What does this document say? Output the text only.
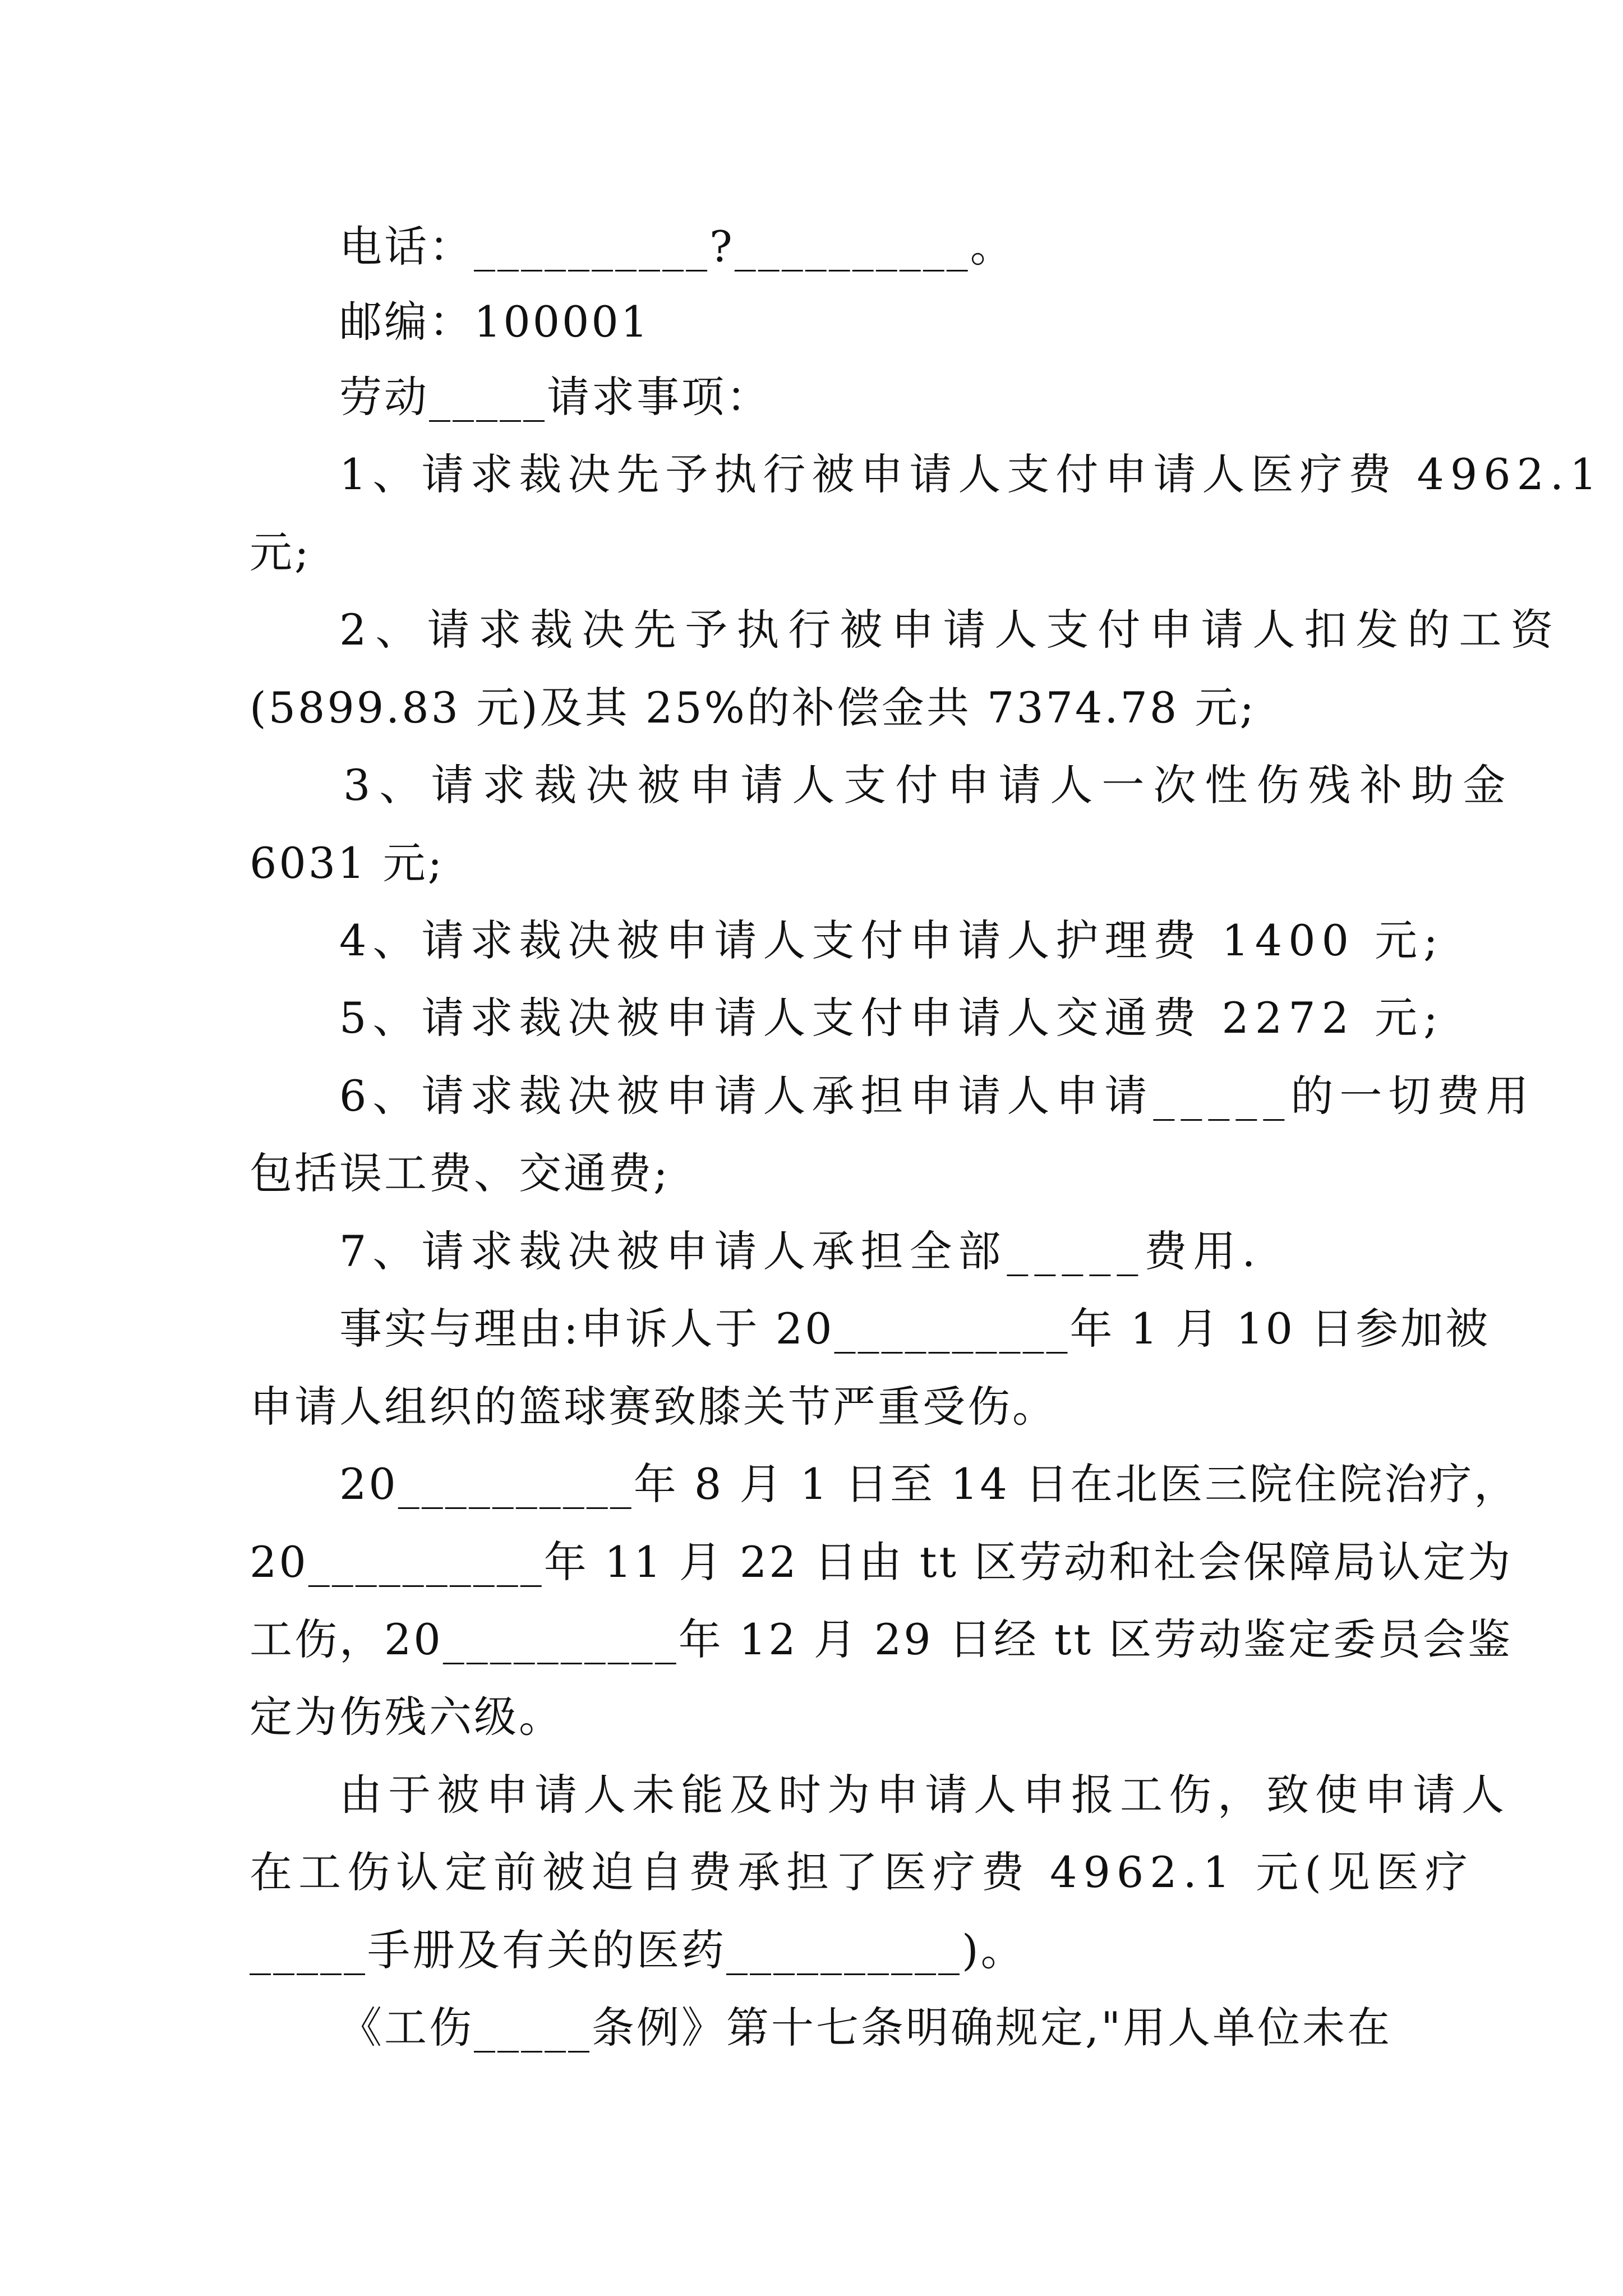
电话：__________?__________。
邮编：100001
劳动_____请求事项：
1、请求裁决先予执行被申请人支付申请人医疗费 4962.1
元;
2、请求裁决先予执行被申请人支付申请人扣发的工资
(5899.83 元)及其 25%的补偿金共 7374.78 元;
3、请求裁决被申请人支付申请人一次性伤残补助金
6031 元;
4、请求裁决被申请人支付申请人护理费 1400 元;
5、请求裁决被申请人支付申请人交通费 2272 元;
6、请求裁决被申请人承担申请人申请_____的一切费用
包括误工费、交通费;
7、请求裁决被申请人承担全部_____费用.
事实与理由:申诉人于 20__________年 1 月 10 日参加被
申请人组织的篮球赛致膝关节严重受伤。
20__________年 8 月 1 日至 14 日在北医三院住院治疗，
20__________年 11 月 22 日由 tt 区劳动和社会保障局认定为
工伤，20__________年 12 月 29 日经 tt 区劳动鉴定委员会鉴
定为伤残六级。
由于被申请人未能及时为申请人申报工伤，致使申请人
在工伤认定前被迫自费承担了医疗费 4962.1 元(见医疗
_____手册及有关的医药__________)。
《工伤_____条例》第十七条明确规定,"用人单位未在
